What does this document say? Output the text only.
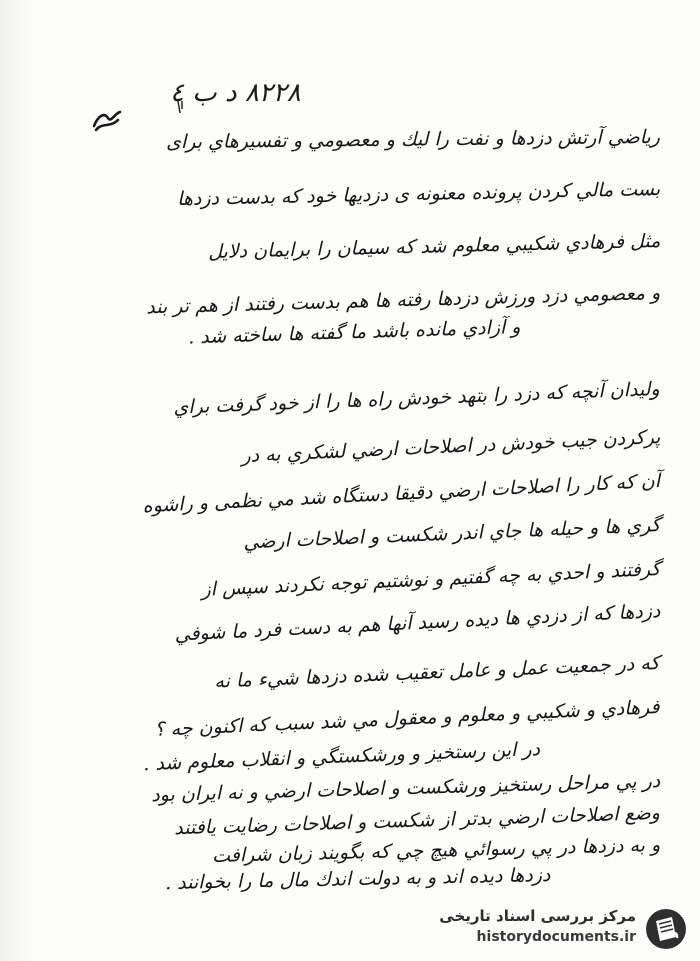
۸۲۲۸ د ب ٤
رياضي آرتش دزدها و نفت را ليك و معصومي و تفسيرهاي برای
بست مالي كردن پرونده معنونه ی دزدیها خود که بدست دزدها
مثل فرهادي شكيبي معلوم شد كه سيمان را برایمان دلايل
و معصومي دزد ورزش دزدها رفته ها هم بدست رفتند از هم تر بند
و آزادي مانده باشد ما گفته ها ساخته شد .
وليدان آنچه كه دزد را بتهد خودش راه ها را از خود گرفت براي
پركردن جيب خودش در اصلاحات ارضي لشكري به در
آن كه كار را اصلاحات ارضي دقيقا دستگاه شد مي نظمی و راشوه
گري ها و حيله ها جاي اندر شكست و اصلاحات ارضي
گرفتند و احدي به چه گفتيم و نوشتيم توجه نكردند سپس از
دزدها كه از دزدي ها ديده رسيد آنها هم به دست فرد ما شوفي
كه در جمعيت عمل و عامل تعقيب شده دزدها شيء ما نه
فرهادي و شكيبي و معلوم و معقول مي شد سبب كه اكنون چه ؟
در اين رستخيز و ورشكستگي و انقلاب معلوم شد .
در پي مراحل رستخيز ورشكست و اصلاحات ارضي و نه ايران بود
وضع اصلاحات ارضي بدتر از شكست و اصلاحات رضايت يافتند
و به دزدها در پي رسوائي هيچ چي كه بگويند زبان شرافت
دزدها ديده اند و به دولت اندك مال ما را بخوانند .
مرکز بررسی اسناد تاریخی
historydocuments.ir
